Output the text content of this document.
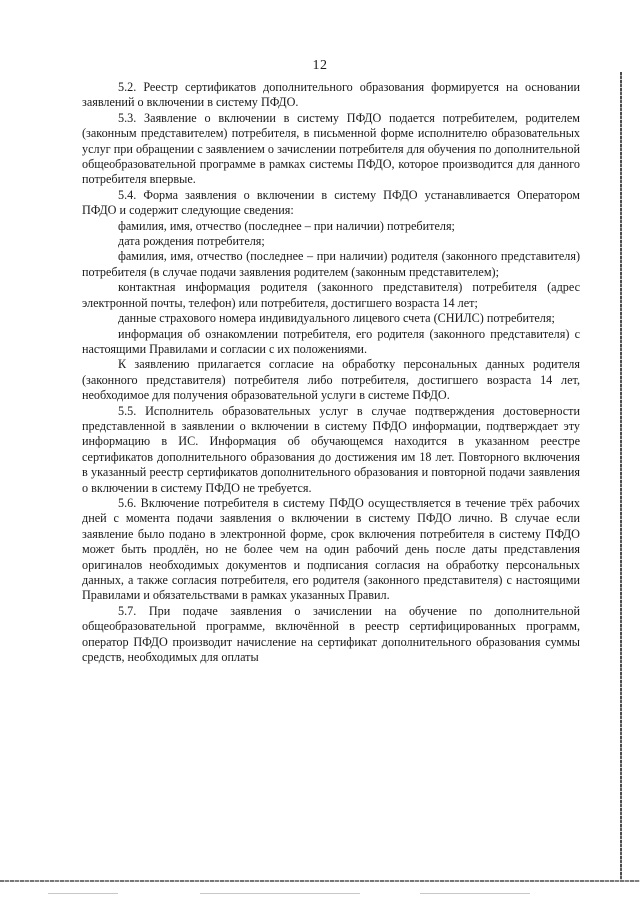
12

5.2. Реестр сертификатов дополнительного образования формируется на основании заявлений о включении в систему ПФДО.

5.3. Заявление о включении в систему ПФДО подается потребителем, родителем (законным представителем) потребителя, в письменной форме исполнителю образовательных услуг при обращении с заявлением о зачислении потребителя для обучения по дополнительной общеобразовательной программе в рамках системы ПФДО, которое производится для данного потребителя впервые.

5.4. Форма заявления о включении в систему ПФДО устанавливается Оператором ПФДО и содержит следующие сведения:

фамилия, имя, отчество (последнее – при наличии) потребителя;

дата рождения потребителя;

фамилия, имя, отчество (последнее – при наличии) родителя (законного представителя) потребителя (в случае подачи заявления родителем (законным представителем);

контактная информация родителя (законного представителя) потребителя (адрес электронной почты, телефон) или потребителя, достигшего возраста 14 лет;

данные страхового номера индивидуального лицевого счета (СНИЛС) потребителя;

информация об ознакомлении потребителя, его родителя (законного представителя) с настоящими Правилами и согласии с их положениями.

К заявлению прилагается согласие на обработку персональных данных родителя (законного представителя) потребителя либо потребителя, достигшего возраста 14 лет, необходимое для получения образовательной услуги в системе ПФДО.

5.5. Исполнитель образовательных услуг в случае подтверждения достоверности представленной в заявлении о включении в систему ПФДО информации, подтверждает эту информацию в ИС. Информация об обучающемся находится в указанном реестре сертификатов дополнительного образования до достижения им 18 лет. Повторного включения в указанный реестр сертификатов дополнительного образования и повторной подачи заявления о включении в систему ПФДО не требуется.

5.6. Включение потребителя в систему ПФДО осуществляется в течение трёх рабочих дней с момента подачи заявления о включении в систему ПФДО лично. В случае если заявление было подано в электронной форме, срок включения потребителя в систему ПФДО может быть продлён, но не более чем на один рабочий день после даты представления оригиналов необходимых документов и подписания согласия на обработку персональных данных, а также согласия потребителя, его родителя (законного представителя) с настоящими Правилами и обязательствами в рамках указанных Правил.

5.7. При подаче заявления о зачислении на обучение по дополнительной общеобразовательной программе, включённой в реестр сертифицированных программ, оператор ПФДО производит начисление на сертификат дополнительного образования суммы средств, необходимых для оплаты
